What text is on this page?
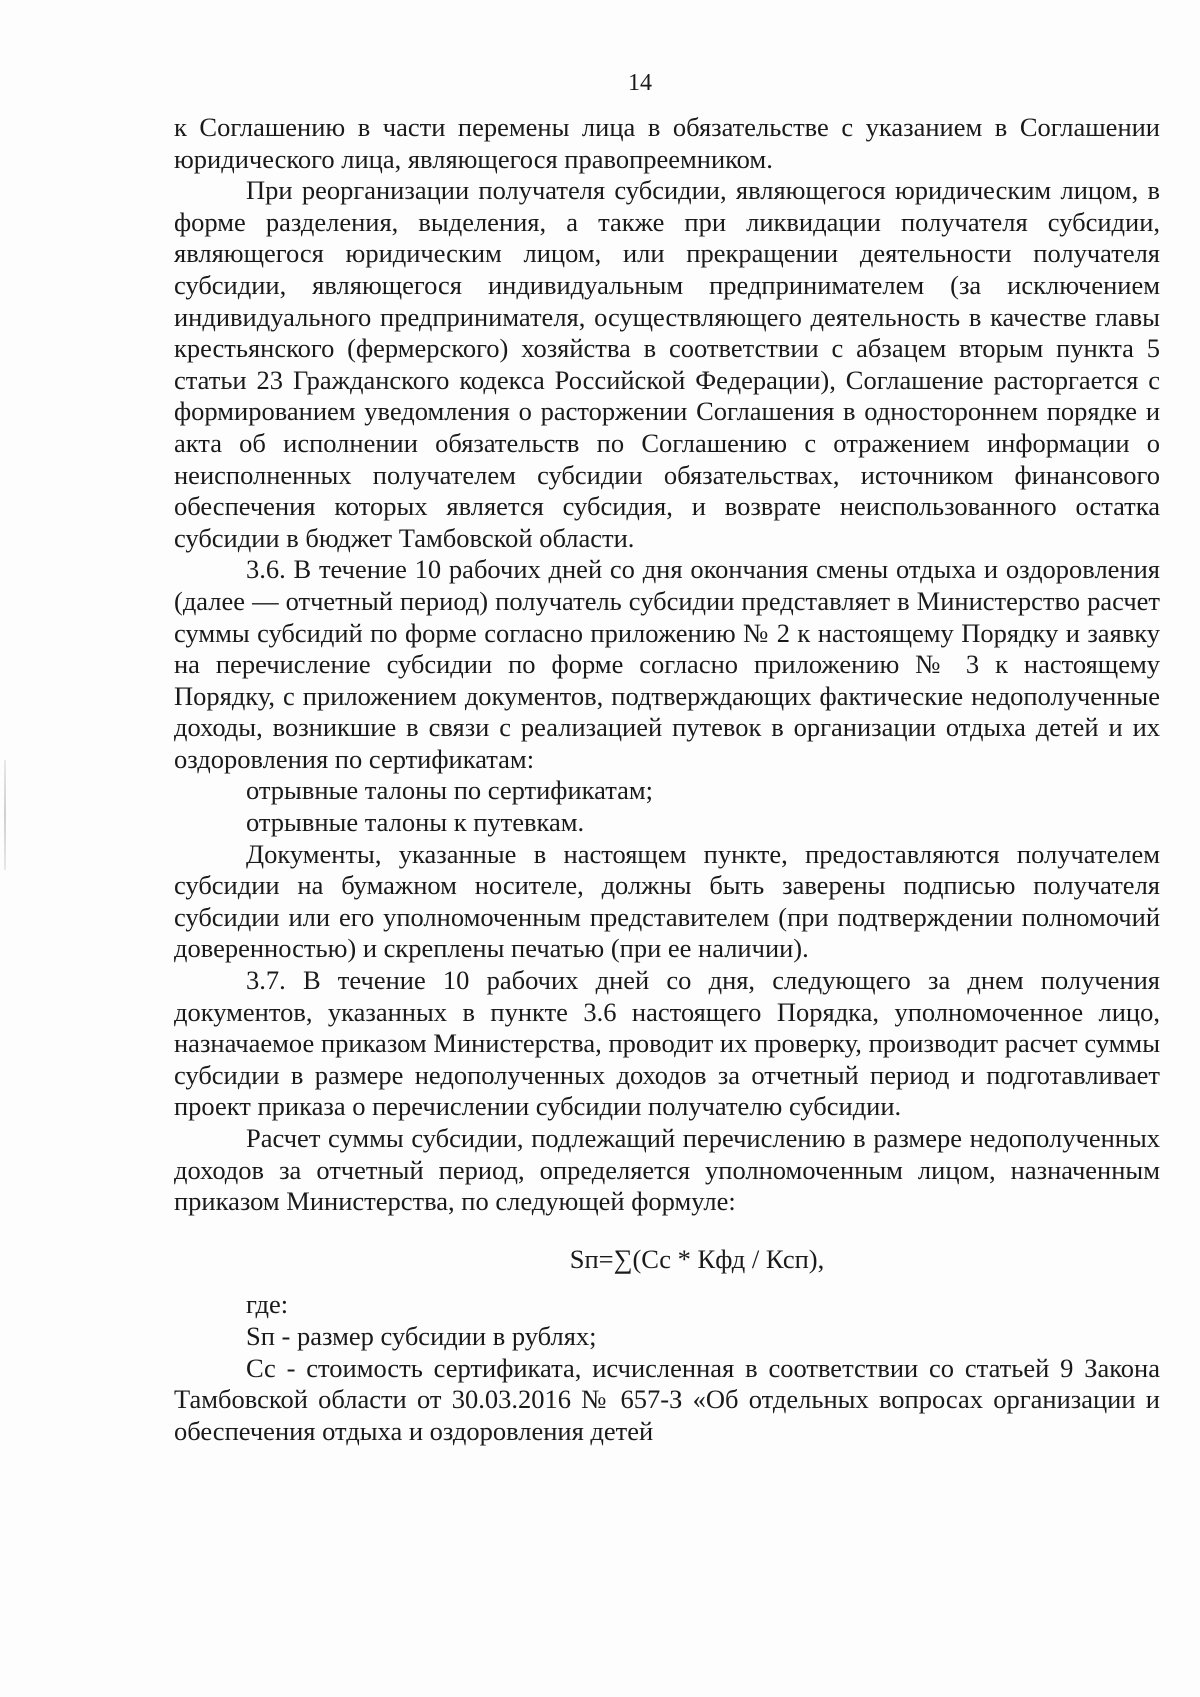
14

к Соглашению в части перемены лица в обязательстве с указанием в Соглашении юридического лица, являющегося правопреемником.

При реорганизации получателя субсидии, являющегося юридическим лицом, в форме разделения, выделения, а также при ликвидации получателя субсидии, являющегося юридическим лицом, или прекращении деятельности получателя субсидии, являющегося индивидуальным предпринимателем (за исключением индивидуального предпринимателя, осуществляющего деятельность в качестве главы крестьянского (фермерского) хозяйства в соответствии с абзацем вторым пункта 5 статьи 23 Гражданского кодекса Российской Федерации), Соглашение расторгается с формированием уведомления о расторжении Соглашения в одностороннем порядке и акта об исполнении обязательств по Соглашению с отражением информации о неисполненных получателем субсидии обязательствах, источником финансового обеспечения которых является субсидия, и возврате неиспользованного остатка субсидии в бюджет Тамбовской области.

3.6. В течение 10 рабочих дней со дня окончания смены отдыха и оздоровления (далее — отчетный период) получатель субсидии представляет в Министерство расчет суммы субсидий по форме согласно приложению № 2 к настоящему Порядку и заявку на перечисление субсидии по форме согласно приложению № 3 к настоящему Порядку, с приложением документов, подтверждающих фактические недополученные доходы, возникшие в связи с реализацией путевок в организации отдыха детей и их оздоровления по сертификатам:

отрывные талоны по сертификатам;

отрывные талоны к путевкам.

Документы, указанные в настоящем пункте, предоставляются получателем субсидии на бумажном носителе, должны быть заверены подписью получателя субсидии или его уполномоченным представителем (при подтверждении полномочий доверенностью) и скреплены печатью (при ее наличии).

3.7. В течение 10 рабочих дней со дня, следующего за днем получения документов, указанных в пункте 3.6 настоящего Порядка, уполномоченное лицо, назначаемое приказом Министерства, проводит их проверку, производит расчет суммы субсидии в размере недополученных доходов за отчетный период и подготавливает проект приказа о перечислении субсидии получателю субсидии.

Расчет суммы субсидии, подлежащий перечислению в размере недополученных доходов за отчетный период, определяется уполномоченным лицом, назначенным приказом Министерства, по следующей формуле:

Sп=∑(Сс * Кфд / Ксп),

где:

Sп - размер субсидии в рублях;

Сс - стоимость сертификата, исчисленная в соответствии со статьей 9 Закона Тамбовской области от 30.03.2016 № 657-З «Об отдельных вопросах организации и обеспечения отдыха и оздоровления детей
